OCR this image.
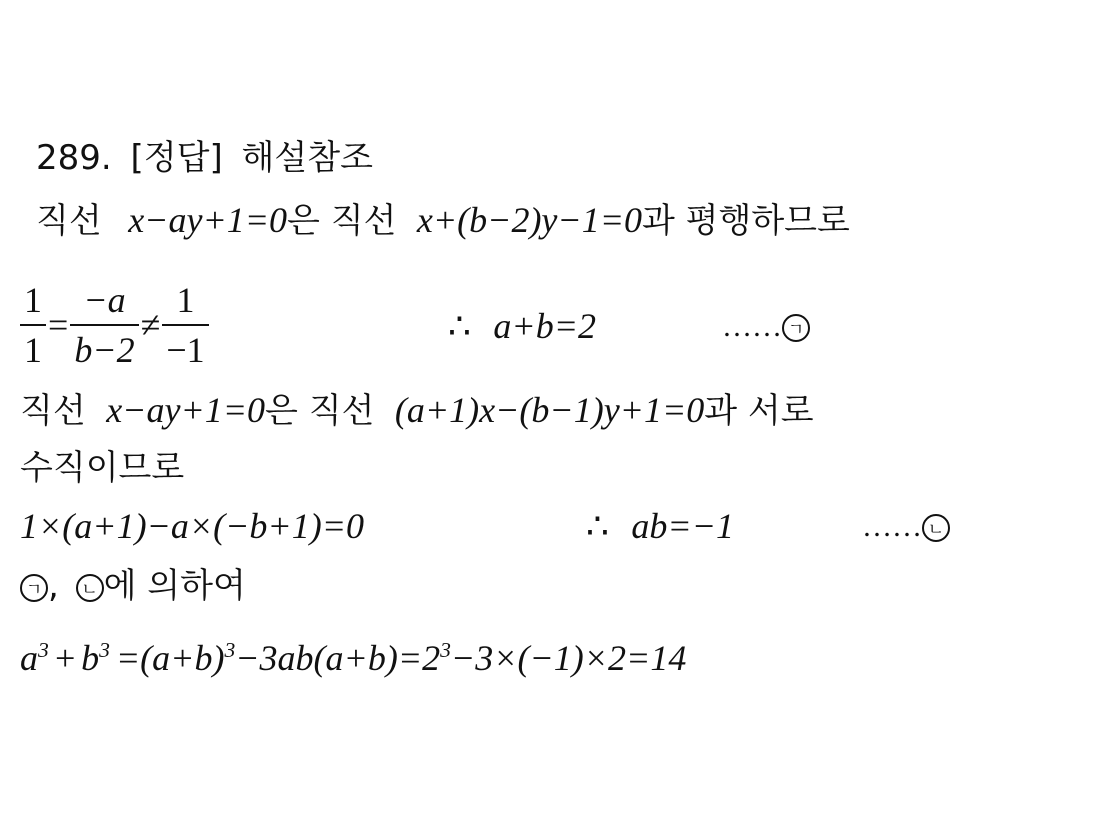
289. [정답] 해설참조
직선 x−ay+1=0은 직선 x+(b−2)y−1=0과 평행하므로
$\frac{1}{1} = \frac{-a}{b-2} \ne \frac{1}{-1}$	∴ a+b=2	…… ㄱ
직선 x−ay+1=0은 직선 (a+1)x−(b−1)y+1=0과 서로
수직이므로
1×(a+1)−a×(−b+1)=0	∴ ab=−1	…… ㄴ
ㄱ , ㄴ 에 의하여
$a^3 + b^3 =(a+b)^3-3ab(a+b)=2^3-3\times(-1)\times 2=14$
